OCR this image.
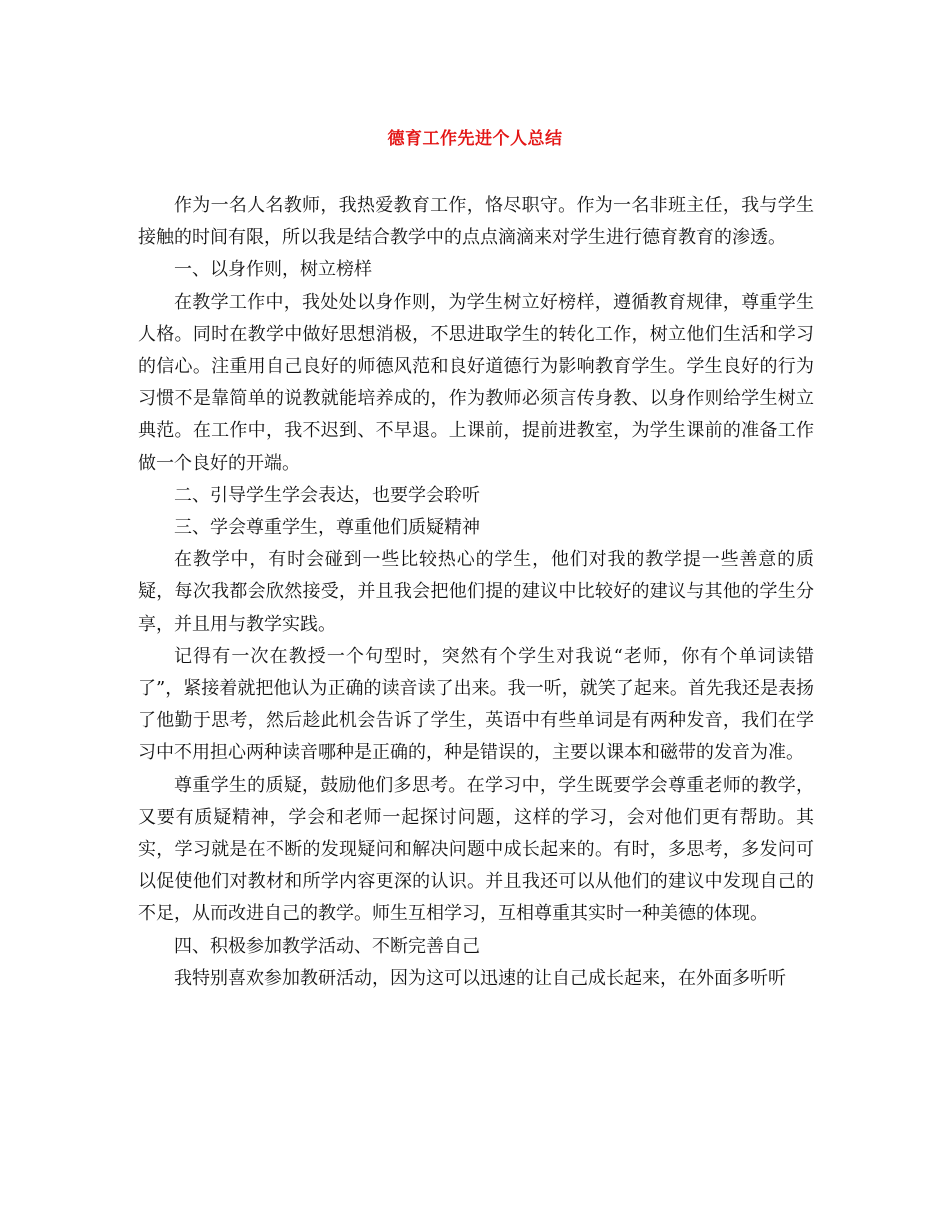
德育工作先进个人总结

作为一名人名教师，我热爱教育工作，恪尽职守。作为一名非班主任，我与学生接触的时间有限，所以我是结合教学中的点点滴滴来对学生进行德育教育的渗透。

一、以身作则，树立榜样

在教学工作中，我处处以身作则，为学生树立好榜样，遵循教育规律，尊重学生人格。同时在教学中做好思想消极，不思进取学生的转化工作，树立他们生活和学习的信心。注重用自己良好的师德风范和良好道德行为影响教育学生。学生良好的行为习惯不是靠简单的说教就能培养成的，作为教师必须言传身教、以身作则给学生树立典范。在工作中，我不迟到、不早退。上课前，提前进教室，为学生课前的准备工作做一个良好的开端。

二、引导学生学会表达，也要学会聆听

三、学会尊重学生，尊重他们质疑精神

在教学中，有时会碰到一些比较热心的学生，他们对我的教学提一些善意的质疑，每次我都会欣然接受，并且我会把他们提的建议中比较好的建议与其他的学生分享，并且用与教学实践。

记得有一次在教授一个句型时，突然有个学生对我说“老师，你有个单词读错了”，紧接着就把他认为正确的读音读了出来。我一听，就笑了起来。首先我还是表扬了他勤于思考，然后趁此机会告诉了学生，英语中有些单词是有两种发音，我们在学习中不用担心两种读音哪种是正确的，种是错误的，主要以课本和磁带的发音为准。

尊重学生的质疑，鼓励他们多思考。在学习中，学生既要学会尊重老师的教学，又要有质疑精神，学会和老师一起探讨问题，这样的学习，会对他们更有帮助。其实，学习就是在不断的发现疑问和解决问题中成长起来的。有时，多思考，多发问可以促使他们对教材和所学内容更深的认识。并且我还可以从他们的建议中发现自己的不足，从而改进自己的教学。师生互相学习，互相尊重其实时一种美德的体现。

四、积极参加教学活动、不断完善自己

我特别喜欢参加教研活动，因为这可以迅速的让自己成长起来，在外面多听听
